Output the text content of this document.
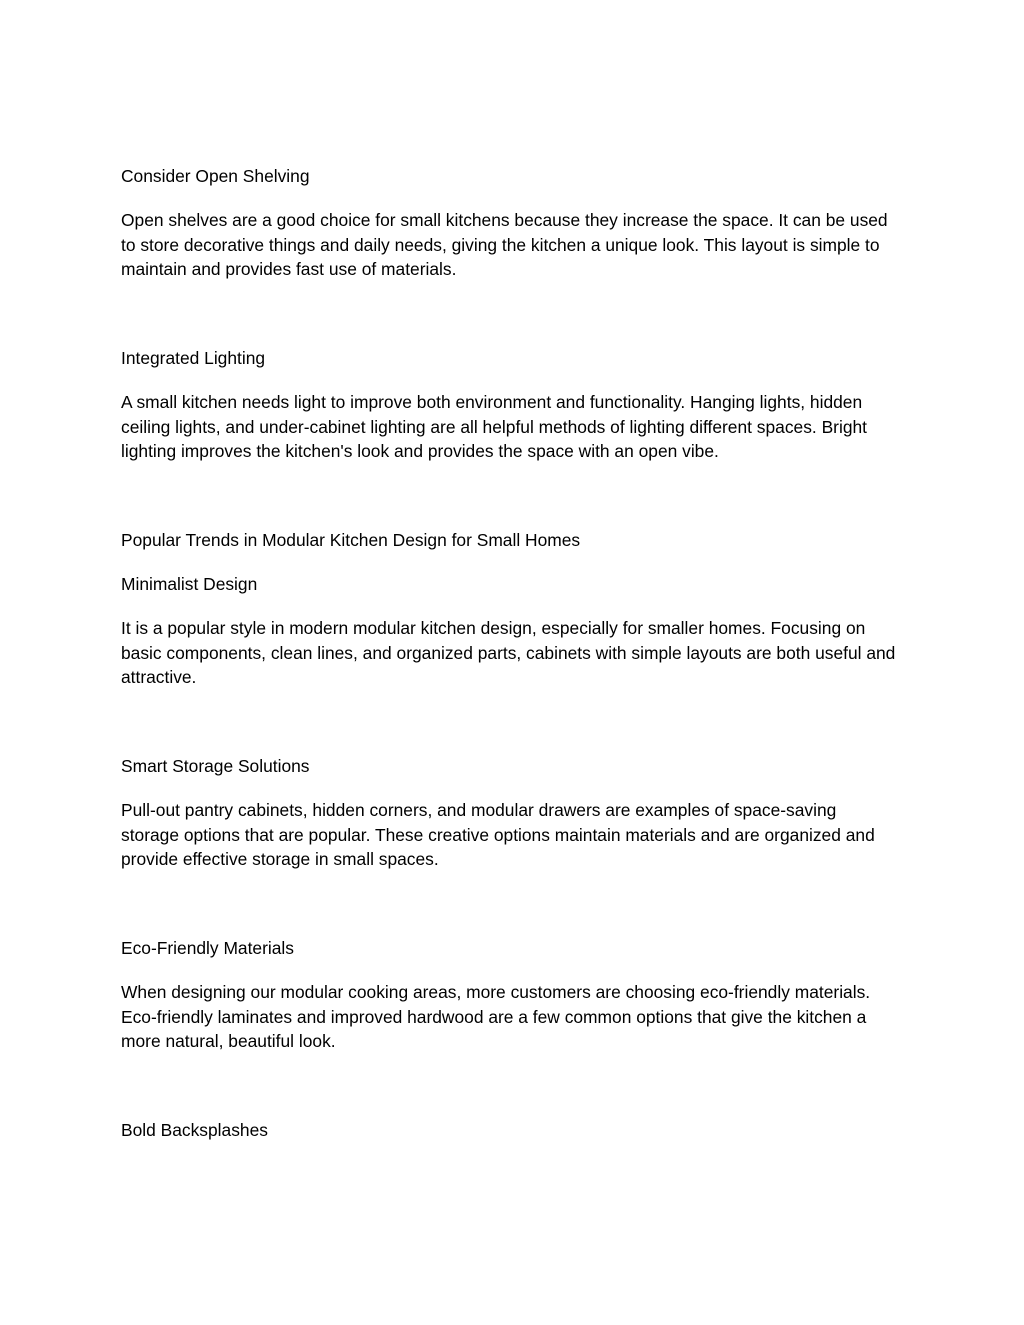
Consider Open Shelving

Open shelves are a good choice for small kitchens because they increase the space. It can be used to store decorative things and daily needs, giving the kitchen a unique look. This layout is simple to maintain and provides fast use of materials.

Integrated Lighting

A small kitchen needs light to improve both environment and functionality. Hanging lights, hidden ceiling lights, and under-cabinet lighting are all helpful methods of lighting different spaces. Bright lighting improves the kitchen's look and provides the space with an open vibe.

Popular Trends in Modular Kitchen Design for Small Homes
Minimalist Design

It is a popular style in modern modular kitchen design, especially for smaller homes. Focusing on basic components, clean lines, and organized parts, cabinets with simple layouts are both useful and attractive.

Smart Storage Solutions

Pull-out pantry cabinets, hidden corners, and modular drawers are examples of space-saving storage options that are popular. These creative options maintain materials and are organized and provide effective storage in small spaces.

Eco-Friendly Materials

When designing our modular cooking areas, more customers are choosing eco-friendly materials. Eco-friendly laminates and improved hardwood are a few common options that give the kitchen a more natural, beautiful look.

Bold Backsplashes
